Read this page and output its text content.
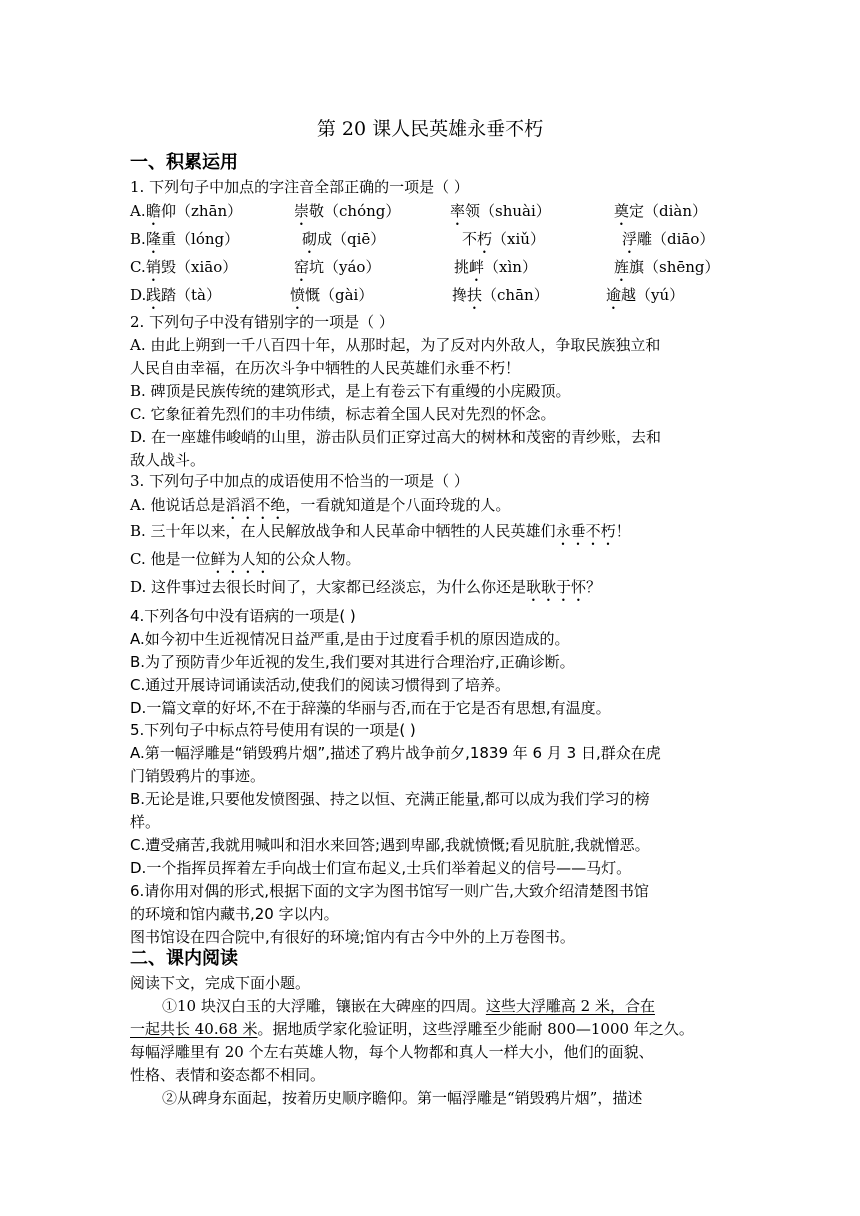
第 20 课人民英雄永垂不朽
一、积累运用
1. 下列句子中加点的字注音全部正确的一项是（ ）
A. 瞻仰（zhān）	崇敬（chóng）	率领（shuài）	奠定（diàn）
B. 隆重（lóng）	砌成（qiē）	不朽（xiǔ）	浮雕（diāo）
C. 销毁（xiāo）	窑坑（yáo）	挑衅（xìn）	旌旗（shēng）
D. 践踏（tà）	愤慨（gài）	搀扶（chān）	逾越（yú）
2. 下列句子中没有错别字的一项是（ ）
A. 由此上朔到一千八百四十年，从那时起，为了反对内外敌人，争取民族独立和
人民自由幸福，在历次斗争中牺牲的人民英雄们永垂不朽！
B. 碑顶是民族传统的建筑形式，是上有卷云下有重缦的小庑殿顶。
C. 它象征着先烈们的丰功伟绩，标志着全国人民对先烈的怀念。
D. 在一座雄伟峻峭的山里，游击队员们正穿过高大的树林和茂密的青纱账，去和
敌人战斗。
3. 下列句子中加点的成语使用不恰当的一项是（ ）
A. 他说话总是滔滔不绝，一看就知道是个八面玲珑的人。
B. 三十年以来，在人民解放战争和人民革命中牺牲的人民英雄们永垂不朽！
C. 他是一位鲜为人知的公众人物。
D. 这件事过去很长时间了，大家都已经淡忘，为什么你还是耿耿于怀？
4.下列各句中没有语病的一项是( )
A.如今初中生近视情况日益严重,是由于过度看手机的原因造成的。
B.为了预防青少年近视的发生,我们要对其进行合理治疗,正确诊断。
C.通过开展诗词诵读活动,使我们的阅读习惯得到了培养。
D.一篇文章的好坏,不在于辞藻的华丽与否,而在于它是否有思想,有温度。
5.下列句子中标点符号使用有误的一项是( )
A.第一幅浮雕是“销毁鸦片烟”,描述了鸦片战争前夕,1839 年 6 月 3 日,群众在虎
门销毁鸦片的事迹。
B.无论是谁,只要他发愤图强、持之以恒、充满正能量,都可以成为我们学习的榜
样。
C.遭受痛苦,我就用喊叫和泪水来回答;遇到卑鄙,我就愤慨;看见肮脏,我就憎恶。
D.一个指挥员挥着左手向战士们宣布起义,士兵们举着起义的信号——马灯。
6.请你用对偶的形式,根据下面的文字为图书馆写一则广告,大致介绍清楚图书馆
的环境和馆内藏书,20 字以内。
图书馆设在四合院中,有很好的环境;馆内有古今中外的上万卷图书。
二、课内阅读
阅读下文，完成下面小题。
①10 块汉白玉的大浮雕，镶嵌在大碑座的四周。这些大浮雕高 2 米，合在
一起共长 40.68 米。据地质学家化验证明，这些浮雕至少能耐 800—1000 年之久。
每幅浮雕里有 20 个左右英雄人物，每个人物都和真人一样大小，他们的面貌、
性格、表情和姿态都不相同。
②从碑身东面起，按着历史顺序瞻仰。第一幅浮雕是“销毁鸦片烟”，描述
